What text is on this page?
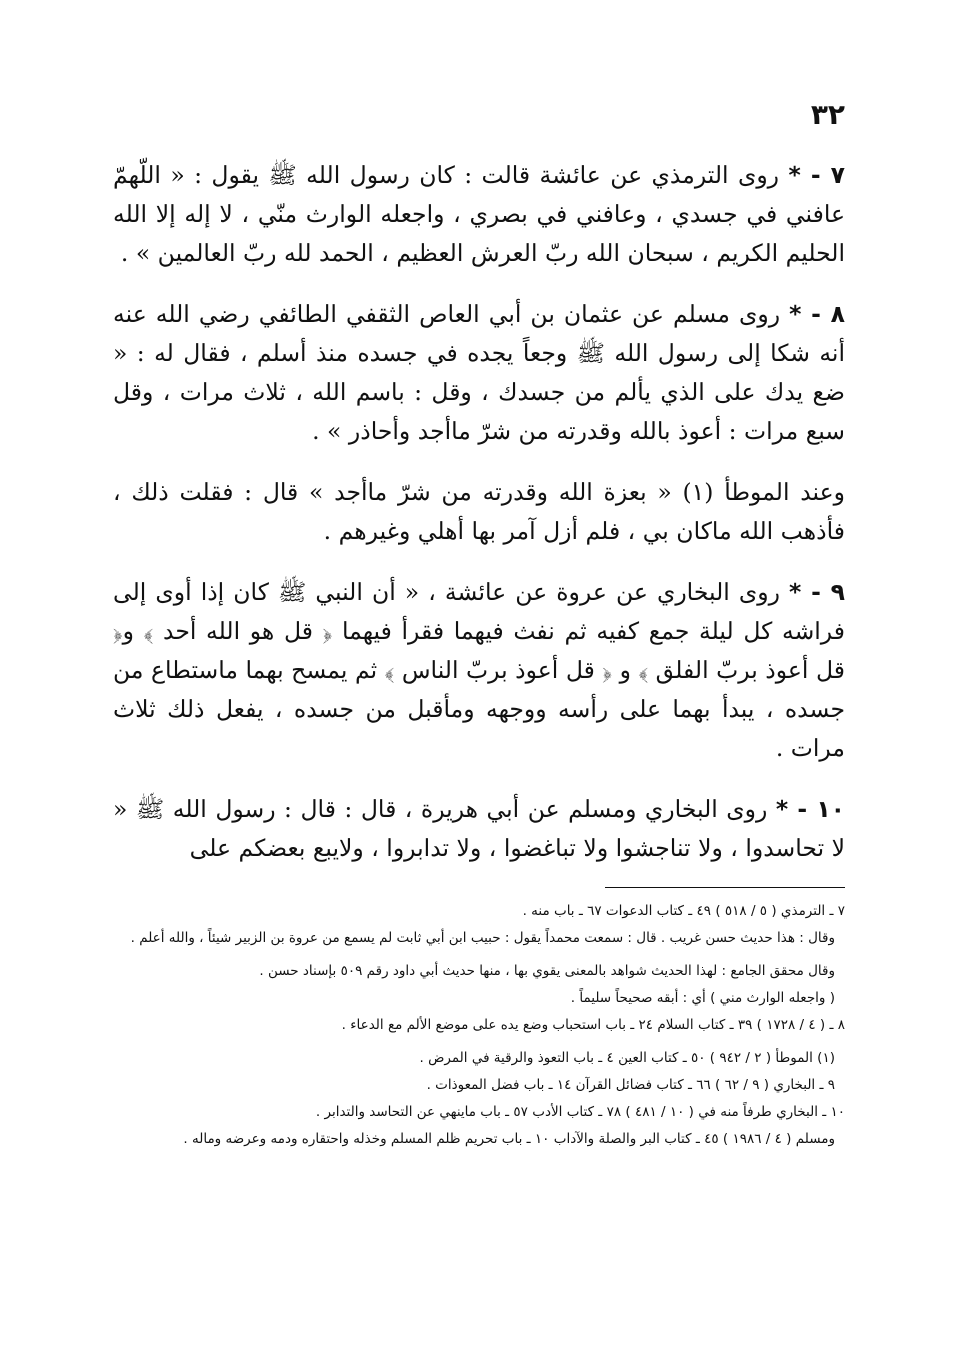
٣٢

٧ - * روى الترمذي عن عائشة قالت : كان رسول الله ﷺ يقول : « اللّهمّ عافني في جسدي ، وعافني في بصري ، واجعله الوارث منّي ، لا إله إلا الله الحليم الكريم ، سبحان الله ربّ العرش العظيم ، الحمد لله ربّ العالمين » .

٨ - * روى مسلم عن عثمان بن أبي العاص الثقفي الطائفي رضي الله عنه أنه شكا إلى رسول الله ﷺ وجعاً يجده في جسده منذ أسلم ، فقال له : « ضع يدك على الذي يألم من جسدك ، وقل : باسم الله ، ثلاث مرات ، وقل سبع مرات : أعوذ بالله وقدرته من شرّ ماأجد وأحاذر » .

وعند الموطأ (١) « بعزة الله وقدرته من شرّ ماأجد » قال : فقلت ذلك ، فأذهب الله ماكان بي ، فلم أزل آمر بها أهلي وغيرهم .

٩ - * روى البخاري عن عروة عن عائشة ، « أن النبي ﷺ كان إذا أوى إلى فراشه كل ليلة جمع كفيه ثم نفث فيهما فقرأ فيهما ﴿ قل هو الله أحد ﴾ و﴿ قل أعوذ بربّ الفلق ﴾ و ﴿ قل أعوذ بربّ الناس ﴾ ثم يمسح بهما ماستطاع من جسده ، يبدأ بهما على رأسه ووجهه ومأقبل من جسده ، يفعل ذلك ثلاث مرات .

١٠ - * روى البخاري ومسلم عن أبي هريرة ، قال : قال : رسول الله ﷺ « لا تحاسدوا ، ولا تناجشوا ولا تباغضوا ، ولا تدابروا ، ولايبع بعضكم على

٧ ـ الترمذي ( ٥ / ٥١٨ ) ٤٩ ـ كتاب الدعوات ٦٧ ـ باب منه .

وقال : هذا حديث حسن غريب . قال : سمعت محمداً يقول : حبيب ابن أبي ثابت لم يسمع من عروة بن الزبير شيئاً ، والله أعلم .

وقال محقق الجامع : لهذا الحديث شواهد بالمعنى يقوي بها ، منها حديث أبي داود رقم ٥٠٩ بإسناد حسن .

( واجعله الوارث مني ) أي : أبقه صحيحاً سليماً .

٨ ـ ( ٤ / ١٧٢٨ ) ٣٩ ـ كتاب السلام ٢٤ ـ باب استحباب وضع يده على موضع الألم مع الدعاء .

(١) الموطأ ( ٢ / ٩٤٢ ) ٥٠ ـ كتاب العين ٤ ـ باب التعوذ والرقية في المرض .

٩ ـ البخاري ( ٩ / ٦٢ ) ٦٦ ـ كتاب فضائل القرآن ١٤ ـ باب فضل المعوذات .

١٠ ـ البخاري طرفاً منه في ( ١٠ / ٤٨١ ) ٧٨ ـ كتاب الأدب ٥٧ ـ باب ماينهي عن التحاسد والتدابر .

ومسلم ( ٤ / ١٩٨٦ ) ٤٥ ـ كتاب البر والصلة والآداب ١٠ ـ باب تحريم ظلم المسلم وخذله واحتقاره ودمه وعرضه وماله .
